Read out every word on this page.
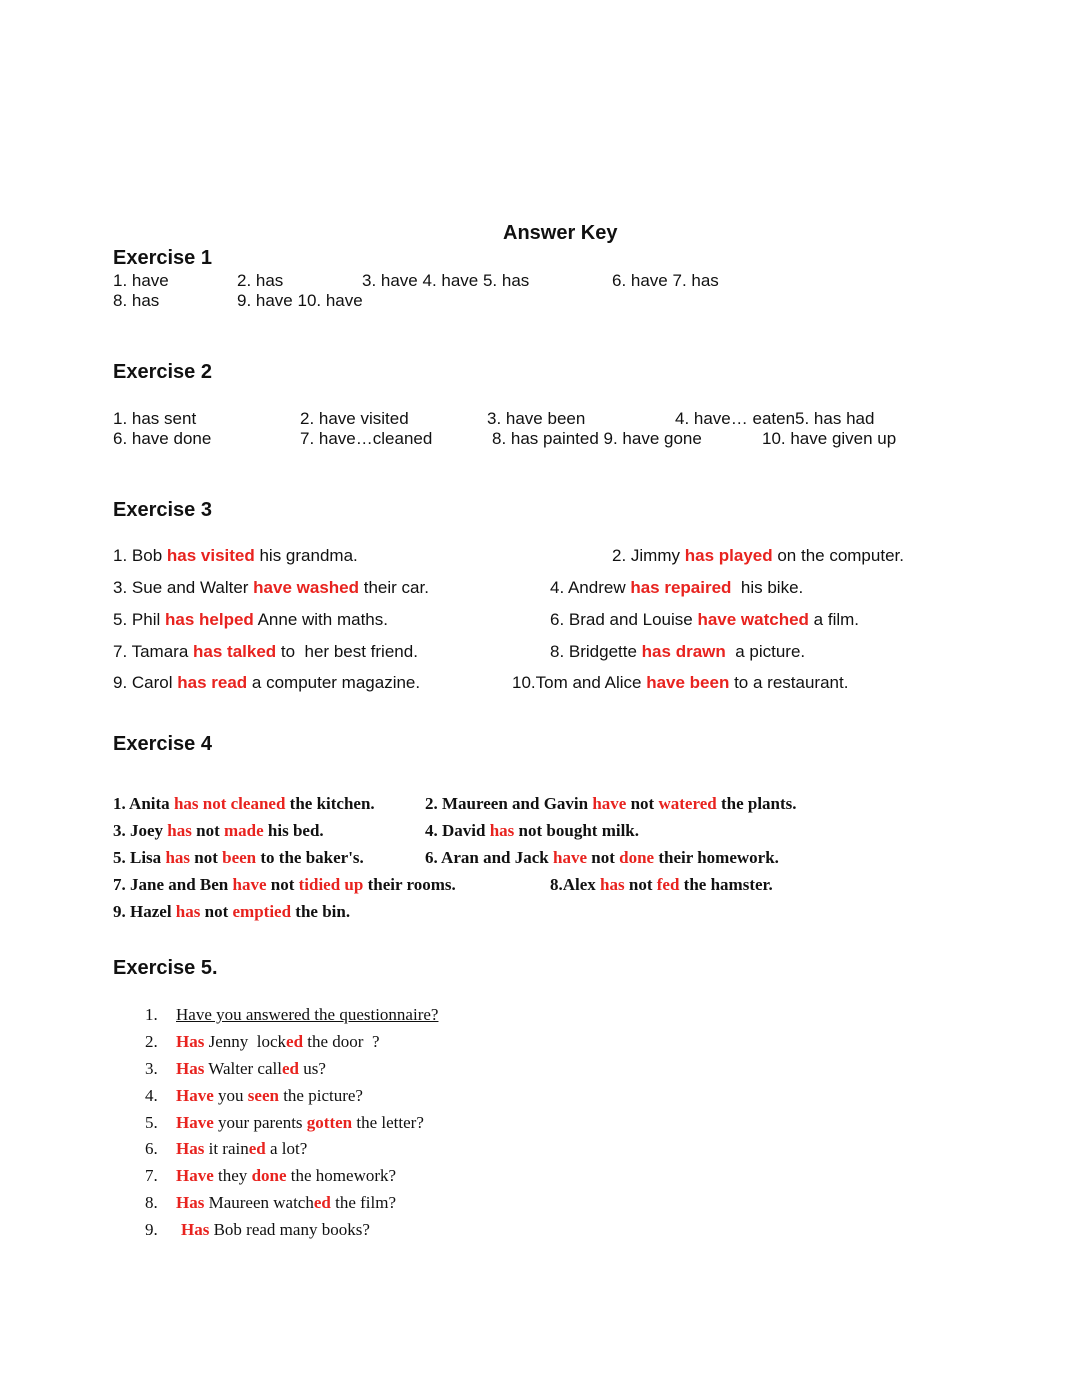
Answer Key
Exercise 1
1. have	2. has	3. have 4. have 5. has	6. have 7. has
8. has	9. have 10. have
Exercise 2
1. has sent	2. have visited	3. have been	4. have… eaten5. has had
6. have done	7. have…cleaned	8. has painted 9. have gone	10. have given up
Exercise 3
1. Bob has visited his grandma.	2. Jimmy has played on the computer.
3. Sue and Walter have washed their car.	4. Andrew has repaired  his bike.
5. Phil has helped Anne with maths.	6. Brad and Louise have watched a film.
7. Tamara has talked to  her best friend.	8. Bridgette has drawn  a picture.
9. Carol has read a computer magazine.	10.Tom and Alice have been to a restaurant.
Exercise 4
1. Anita has not cleaned the kitchen.	2. Maureen and Gavin have not watered the plants.
3. Joey has not made his bed.	4. David has not bought milk.
5. Lisa has not been to the baker's.	6. Aran and Jack have not done their homework.
7. Jane and Ben have not tidied up their rooms.	8.Alex has not fed the hamster.
9. Hazel has not emptied the bin.
Exercise 5.
1. Have you answered the questionnaire?
2. Has Jenny  locked the door  ?
3. Has Walter called us?
4. Have you seen the picture?
5. Have your parents gotten the letter?
6. Has it rained a lot?
7. Have they done the homework?
8. Has Maureen watched the film?
9. Has Bob read many books?
